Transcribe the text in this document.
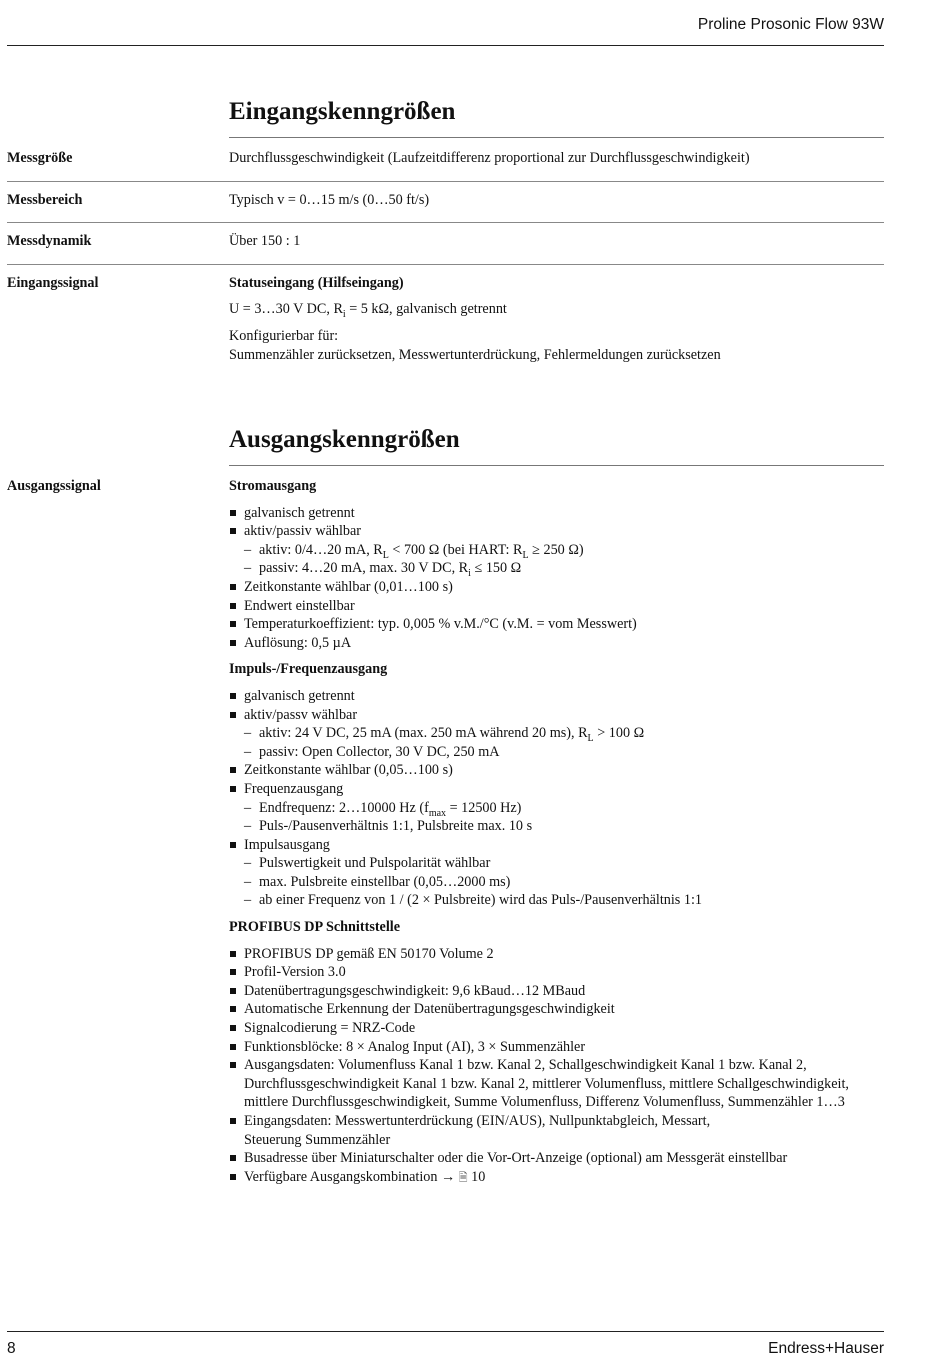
Proline Prosonic Flow 93W
Eingangskenngrößen
Messgröße	Durchflussgeschwindigkeit (Laufzeitdifferenz proportional zur Durchflussgeschwindigkeit)
Messbereich	Typisch v = 0…15 m/s (0…50 ft/s)
Messdynamik	Über 150 : 1
Eingangssignal	Statuseingang (Hilfseingang)

U = 3…30 V DC, $R_i = 5$ kΩ, galvanisch getrennt

Konfigurierbar für:
Summenzähler zurücksetzen, Messwertunterdrückung, Fehlermeldungen zurücksetzen

Ausgangskenngrößen
Ausgangssignal	Stromausgang
galvanisch getrennt
aktiv/passiv wählbar
– aktiv: 0/4…20 mA, $R_L < 700$ Ω (bei HART: $R_L \ge 250$ Ω)
– passiv: 4…20 mA, max. 30 V DC, $R_i \le 150$ Ω
Zeitkonstante wählbar (0,01…100 s)
Endwert einstellbar
Temperaturkoeffizient: typ. 0,005 % v.M./°C (v.M. = vom Messwert)
Auflösung: 0,5 µA
Impuls-/Frequenzausgang
galvanisch getrennt
aktiv/passv wählbar
– aktiv: 24 V DC, 25 mA (max. 250 mA während 20 ms), $R_L > 100$ Ω
– passiv: Open Collector, 30 V DC, 250 mA
Zeitkonstante wählbar (0,05…100 s)
Frequenzausgang
– Endfrequenz: 2…10000 Hz ($f_{max} = 12500$ Hz)
– Puls-/Pausenverhältnis 1:1, Pulsbreite max. 10 s
Impulsausgang
– Pulswertigkeit und Pulspolarität wählbar
– max. Pulsbreite einstellbar (0,05…2000 ms)
– ab einer Frequenz von 1 / (2 × Pulsbreite) wird das Puls-/Pausenverhältnis 1:1
PROFIBUS DP Schnittstelle
PROFIBUS DP gemäß EN 50170 Volume 2
Profil-Version 3.0
Datenübertragungsgeschwindigkeit: 9,6 kBaud…12 MBaud
Automatische Erkennung der Datenübertragungsgeschwindigkeit
Signalcodierung = NRZ-Code
Funktionsblöcke: 8 × Analog Input (AI), 3 × Summenzähler
Ausgangsdaten: Volumenfluss Kanal 1 bzw. Kanal 2, Schallgeschwindigkeit Kanal 1 bzw. Kanal 2,
Durchflussgeschwindigkeit Kanal 1 bzw. Kanal 2, mittlerer Volumenfluss, mittlere Schallgeschwindigkeit,
mittlere Durchflussgeschwindigkeit, Summe Volumenfluss, Differenz Volumenfluss, Summenzähler 1…3
Eingangsdaten: Messwertunterdrückung (EIN/AUS), Nullpunktabgleich, Messart,
Steuerung Summenzähler
Busadresse über Miniaturschalter oder die Vor-Ort-Anzeige (optional) am Messgerät einstellbar
Verfügbare Ausgangskombination → 🗎 10
8	Endress+Hauser
